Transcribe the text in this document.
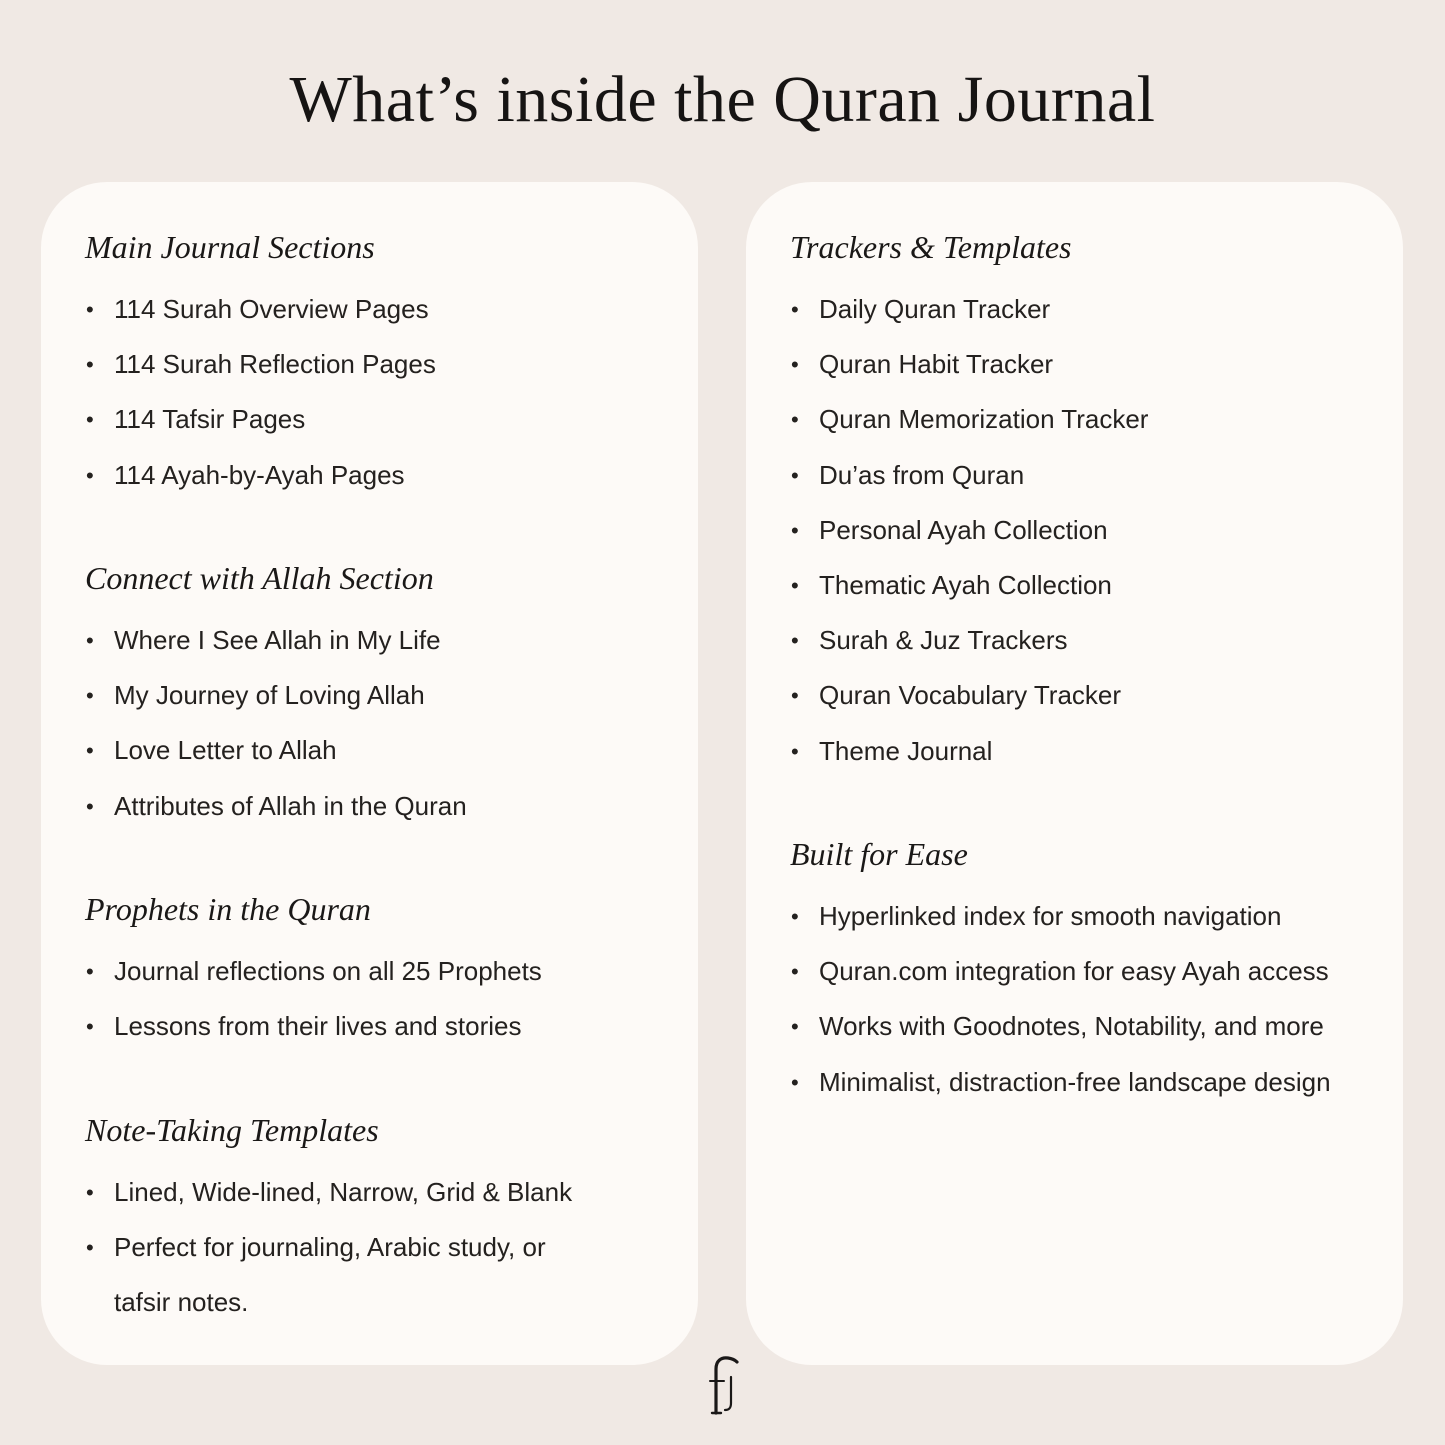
What’s inside the Quran Journal
Main Journal Sections
• 114 Surah Overview Pages
• 114 Surah Reflection Pages
• 114 Tafsir Pages
• 114 Ayah-by-Ayah Pages
Connect with Allah Section
• Where I See Allah in My Life
• My Journey of Loving Allah
• Love Letter to Allah
• Attributes of Allah in the Quran
Prophets in the Quran
• Journal reflections on all 25 Prophets
• Lessons from their lives and stories
Note-Taking Templates
• Lined, Wide-lined, Narrow, Grid & Blank
• Perfect for journaling, Arabic study, or
tafsir notes.
Trackers & Templates
• Daily Quran Tracker
• Quran Habit Tracker
• Quran Memorization Tracker
• Du’as from Quran
• Personal Ayah Collection
• Thematic Ayah Collection
• Surah & Juz Trackers
• Quran Vocabulary Tracker
• Theme Journal
Built for Ease
• Hyperlinked index for smooth navigation
• Quran.com integration for easy Ayah access
• Works with Goodnotes, Notability, and more
• Minimalist, distraction-free landscape design
